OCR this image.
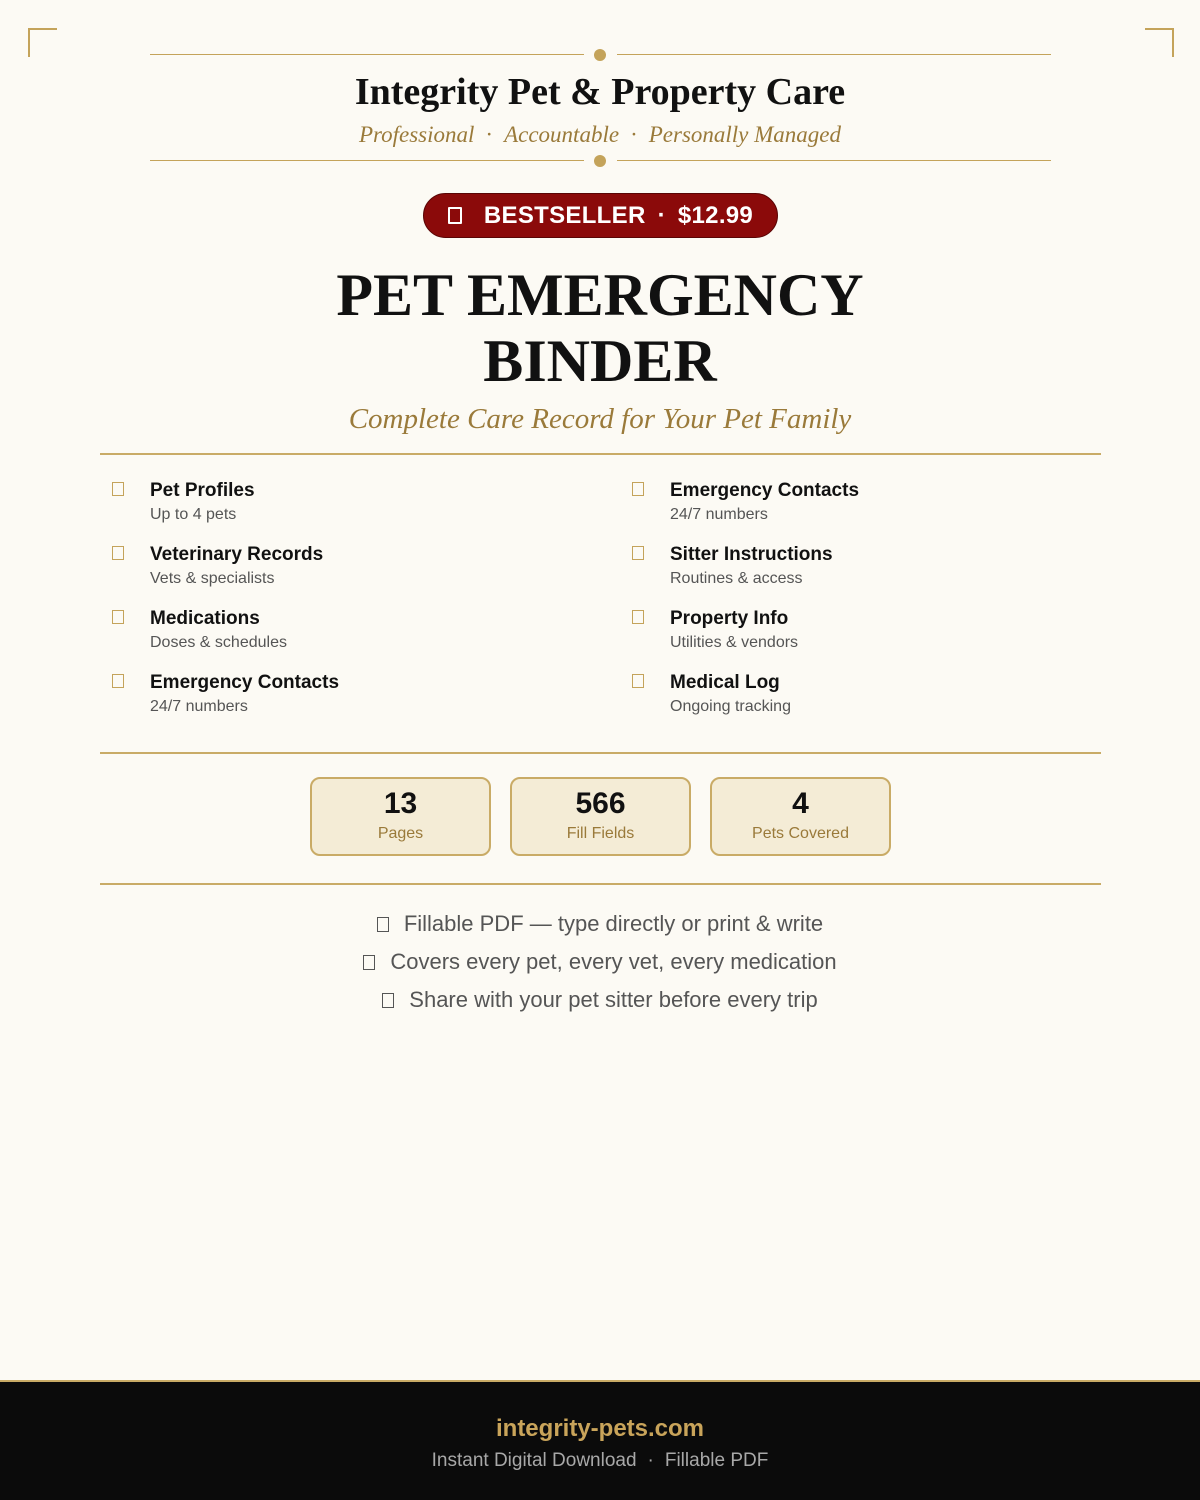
Integrity Pet & Property Care
Professional · Accountable · Personally Managed
BESTSELLER · $12.99
PET EMERGENCY
BINDER
Complete Care Record for Your Pet Family
Pet Profiles
Up to 4 pets
Emergency Contacts
24/7 numbers
Veterinary Records
Vets & specialists
Sitter Instructions
Routines & access
Medications
Doses & schedules
Property Info
Utilities & vendors
Emergency Contacts
24/7 numbers
Medical Log
Ongoing tracking
13
Pages
566
Fill Fields
4
Pets Covered
Fillable PDF — type directly or print & write
Covers every pet, every vet, every medication
Share with your pet sitter before every trip
integrity-pets.com
Instant Digital Download · Fillable PDF
